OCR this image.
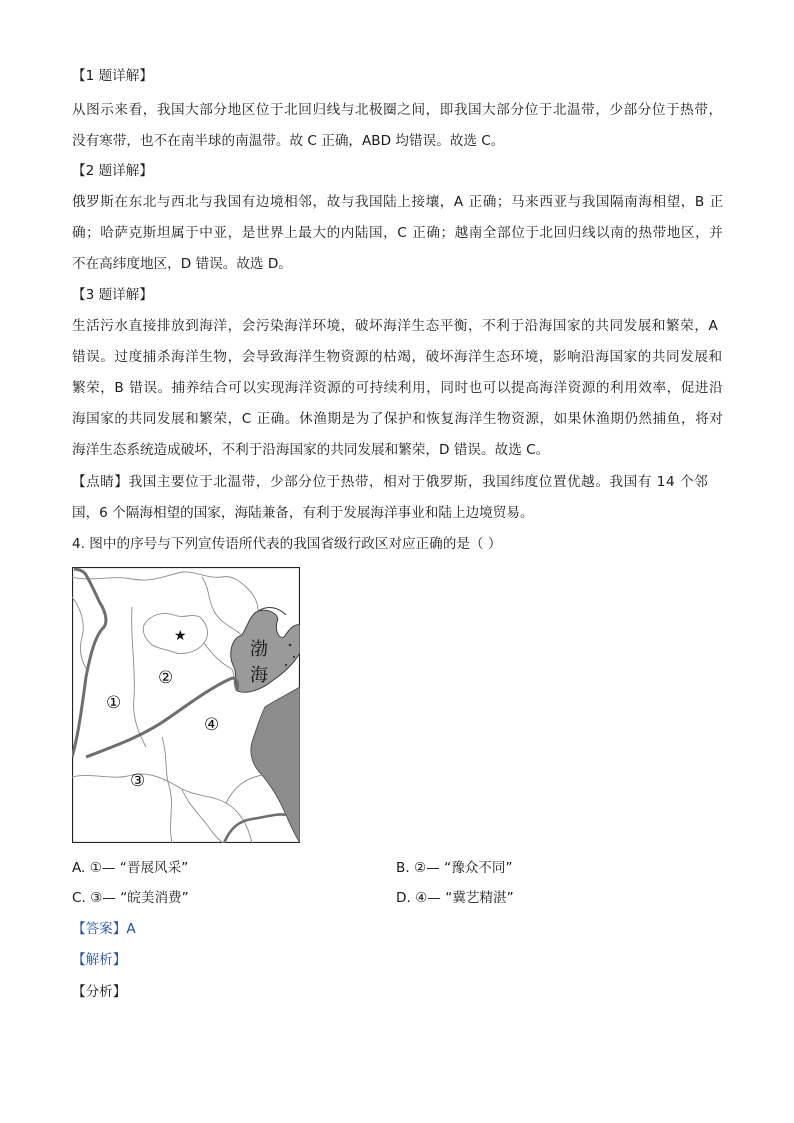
【1 题详解】
从图示来看，我国大部分地区位于北回归线与北极圈之间，即我国大部分位于北温带，少部分位于热带，
没有寒带，也不在南半球的南温带。故 C 正确，ABD 均错误。故选 C。
【2 题详解】
俄罗斯在东北与西北与我国有边境相邻，故与我国陆上接壤，A 正确；马来西亚与我国隔南海相望，B 正
确；哈萨克斯坦属于中亚，是世界上最大的内陆国，C 正确；越南全部位于北回归线以南的热带地区，并
不在高纬度地区，D 错误。故选 D。
【3 题详解】
生活污水直接排放到海洋，会污染海洋环境，破坏海洋生态平衡，不利于沿海国家的共同发展和繁荣，A
错误。过度捕杀海洋生物，会导致海洋生物资源的枯竭，破坏海洋生态环境，影响沿海国家的共同发展和
繁荣，B 错误。捕养结合可以实现海洋资源的可持续利用，同时也可以提高海洋资源的利用效率，促进沿
海国家的共同发展和繁荣，C 正确。休渔期是为了保护和恢复海洋生物资源，如果休渔期仍然捕鱼，将对
海洋生态系统造成破坏，不利于沿海国家的共同发展和繁荣，D 错误。故选 C。
【点睛】我国主要位于北温带，少部分位于热带，相对于俄罗斯，我国纬度位置优越。我国有 14 个邻
国，6 个隔海相望的国家，海陆兼备，有利于发展海洋事业和陆上边境贸易。
4. 图中的序号与下列宣传语所代表的我国省级行政区对应正确的是（ ）
渤
海
★
①
②
③
④
A. ①— “晋展风采”	B. ②— “豫众不同”
C. ③— “皖美消费”	D. ④— “冀艺精湛”
【答案】A
【解析】
【分析】
